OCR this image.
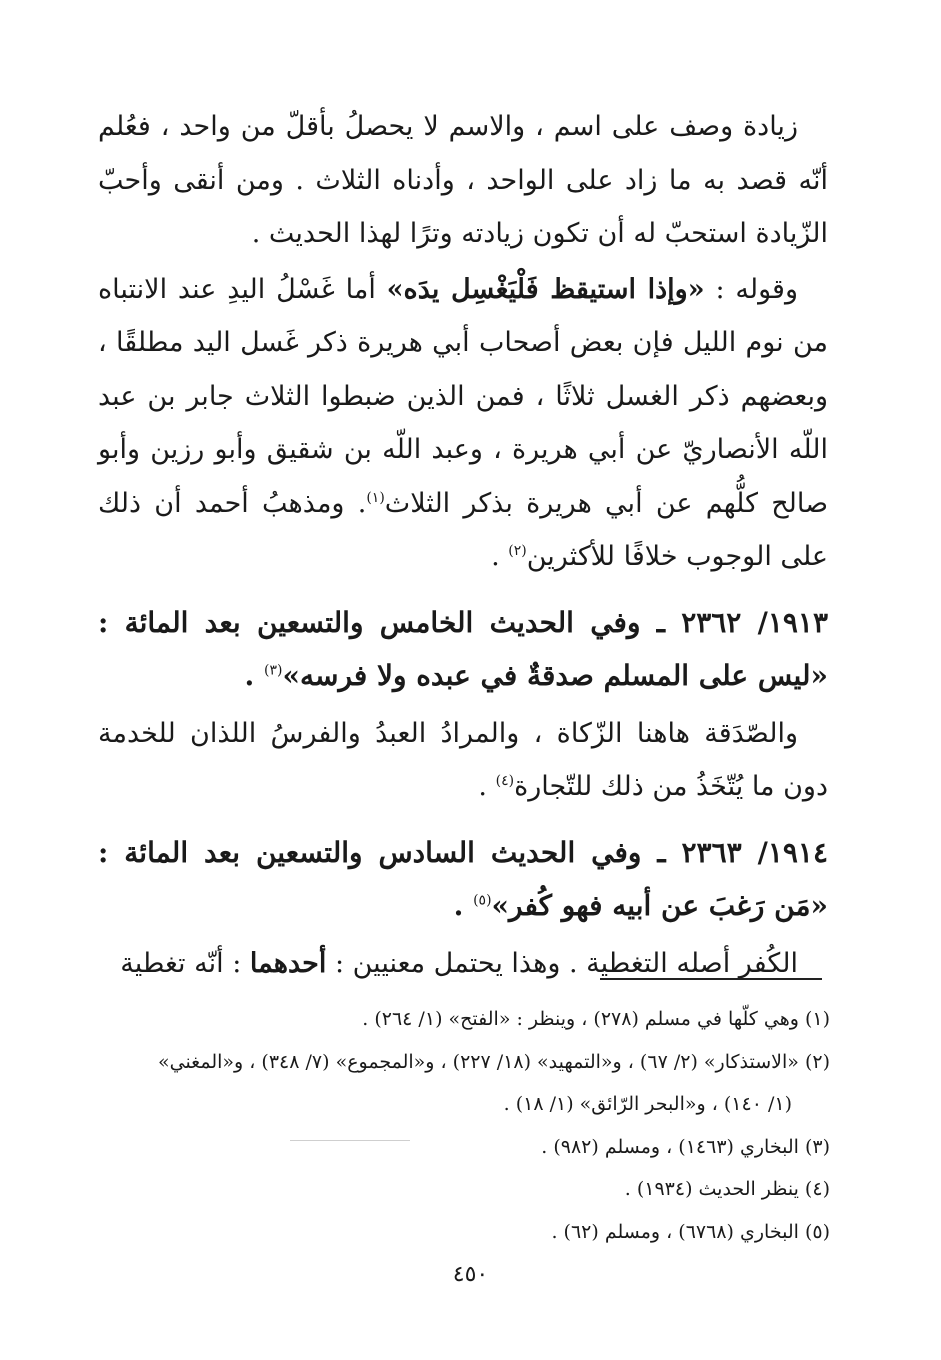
زيادة وصف على اسم ، والاسم لا يحصلُ بأقلّ من واحد ، فعُلم أنّه قصد به ما زاد على الواحد ، وأدناه الثلاث . ومن أنقى وأحبّ الزّيادة استحبّ له أن تكون زيادته وترًا لهذا الحديث .

وقوله : «وإذا استيقظ فَلْيَغْسِل يدَه» أما غَسْلُ اليدِ عند الانتباه من نوم الليل فإن بعض أصحاب أبي هريرة ذكر غَسل اليد مطلقًا ، وبعضهم ذكر الغسل ثلاثًا ، فمن الذين ضبطوا الثلاث جابر بن عبد اللّه الأنصاريّ عن أبي هريرة ، وعبد اللّه بن شقيق وأبو رزين وأبو صالح كلُّهم عن أبي هريرة بذكر الثلاث$^{(١)}$. ومذهبُ أحمد أن ذلك على الوجوب خلافًا للأكثرين$^{(٢)}$ .

١٩١٣/ ٢٣٦٢ ـ وفي الحديث الخامس والتسعين بعد المائة : «ليس على المسلم صدقةٌ في عبده ولا فرسه»$^{(٣)}$ .

والصّدَقة هاهنا الزّكاة ، والمرادُ العبدُ والفرسُ اللذان للخدمة دون ما يُتّخَذُ من ذلك للتّجارة$^{(٤)}$ .

١٩١٤/ ٢٣٦٣ ـ وفي الحديث السادس والتسعين بعد المائة : «مَن رَغبَ عن أبيه فهو كُفر»$^{(٥)}$ .

الكُفر أصله التغطية . وهذا يحتمل معنيين : أحدهما : أنّه تغطية

(١) وهي كلّها في مسلم (٢٧٨) ، وينظر : «الفتح» (١/ ٢٦٤) .

(٢) «الاستذكار» (٢/ ٦٧) ، و«التمهيد» (١٨/ ٢٢٧) ، و«المجموع» (٧/ ٣٤٨) ، و«المغني»

(١/ ١٤٠) ، و«البحر الرّائق» (١/ ١٨) .

(٣) البخاري (١٤٦٣) ، ومسلم (٩٨٢) .

(٤) ينظر الحديث (١٩٣٤) .

(٥) البخاري (٦٧٦٨) ، ومسلم (٦٢) .

٤٥٠
